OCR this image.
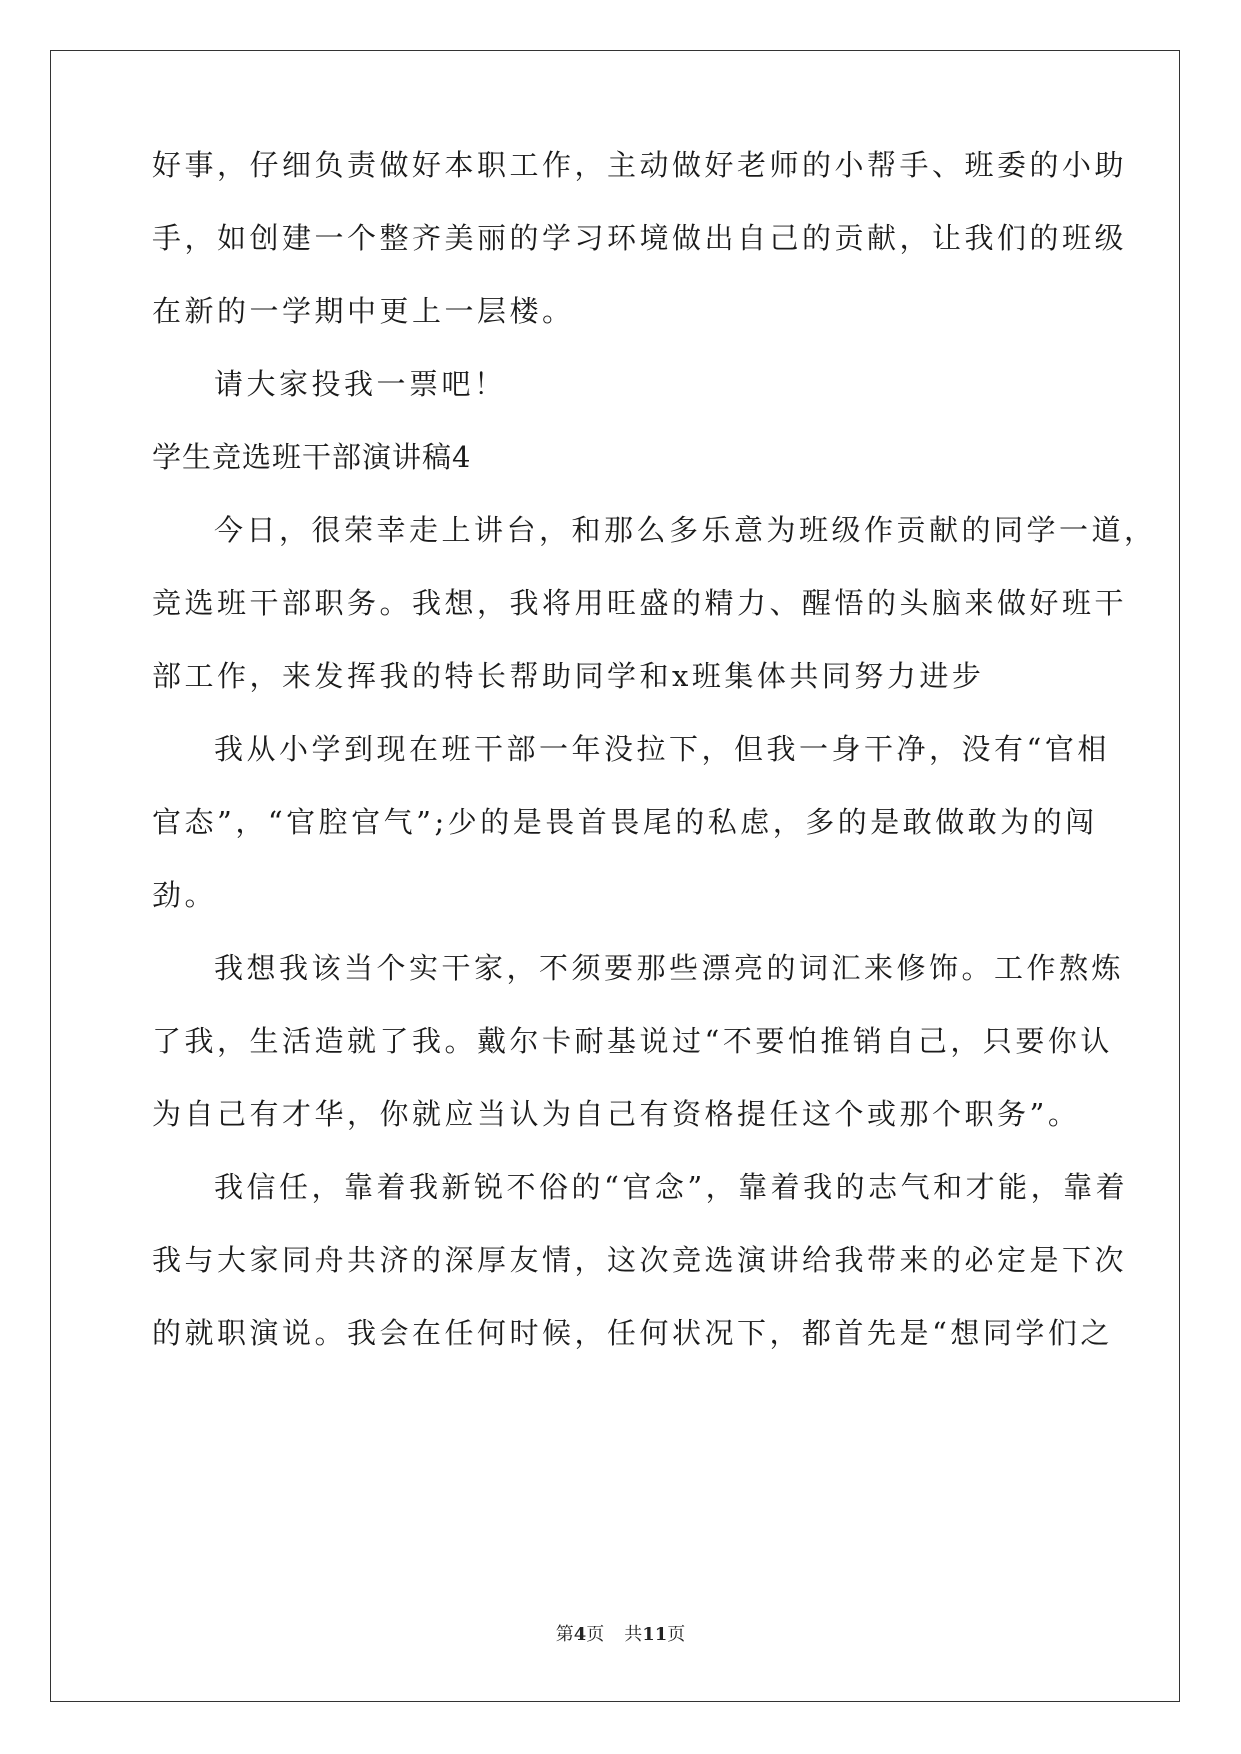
好事，仔细负责做好本职工作，主动做好老师的小帮手、班委的小助
手，如创建一个整齐美丽的学习环境做出自己的贡献，让我们的班级
在新的一学期中更上一层楼。
请大家投我一票吧！
学生竞选班干部演讲稿4
今日，很荣幸走上讲台，和那么多乐意为班级作贡献的同学一道，
竞选班干部职务。我想，我将用旺盛的精力、醒悟的头脑来做好班干
部工作，来发挥我的特长帮助同学和x班集体共同努力进步
我从小学到现在班干部一年没拉下，但我一身干净，没有“官相
官态”，“官腔官气”;少的是畏首畏尾的私虑，多的是敢做敢为的闯
劲。
我想我该当个实干家，不须要那些漂亮的词汇来修饰。工作熬炼
了我，生活造就了我。戴尔卡耐基说过“不要怕推销自己，只要你认
为自己有才华，你就应当认为自己有资格提任这个或那个职务”。
我信任，靠着我新锐不俗的“官念”，靠着我的志气和才能，靠着
我与大家同舟共济的深厚友情，这次竞选演讲给我带来的必定是下次
的就职演说。我会在任何时候，任何状况下，都首先是“想同学们之
第4页 共11页
